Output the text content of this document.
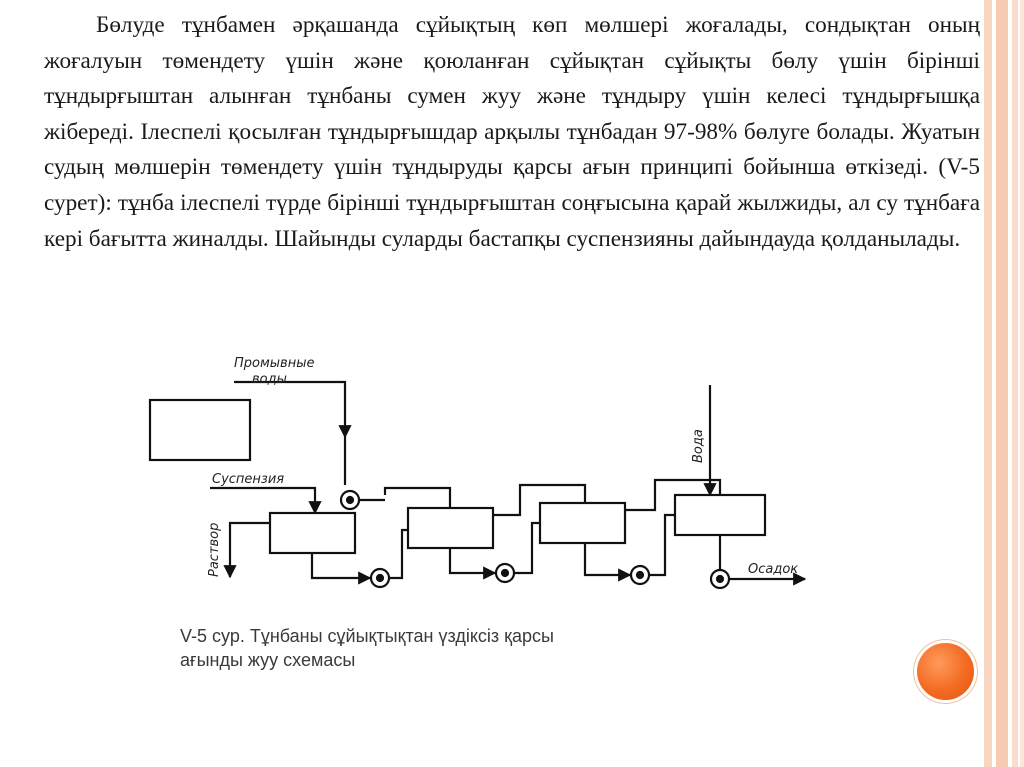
Бөлуде тұнбамен әрқашанда сұйықтың көп мөлшері жоғалады, сондықтан оның жоғалуын төмендету үшін және қоюланған сұйықтан сұйықты бөлу үшін бірінші тұндырғыштан алынған тұнбаны сумен жуу және тұндыру үшін келесі тұндырғышқа жібереді. Ілеспелі қосылған тұндырғышдар арқылы тұнбадан 97-98% бөлуге болады. Жуатын судың мөлшерін төмендету үшін тұндыруды қарсы ағын принципі бойынша өткізеді. (V-5 сурет): тұнба ілеспелі түрде бірінші тұндырғыштан соңғысына қарай жылжиды, ал су тұнбаға кері бағытта жиналды. Шайынды суларды бастапқы суспензияны дайындауда қолданылады.

Промывные
воды
Суспензия
Раствор
Вода
Осадок

V-5 сур. Тұнбаны сұйықтықтан үздіксіз қарсы
ағынды жуу схемасы
